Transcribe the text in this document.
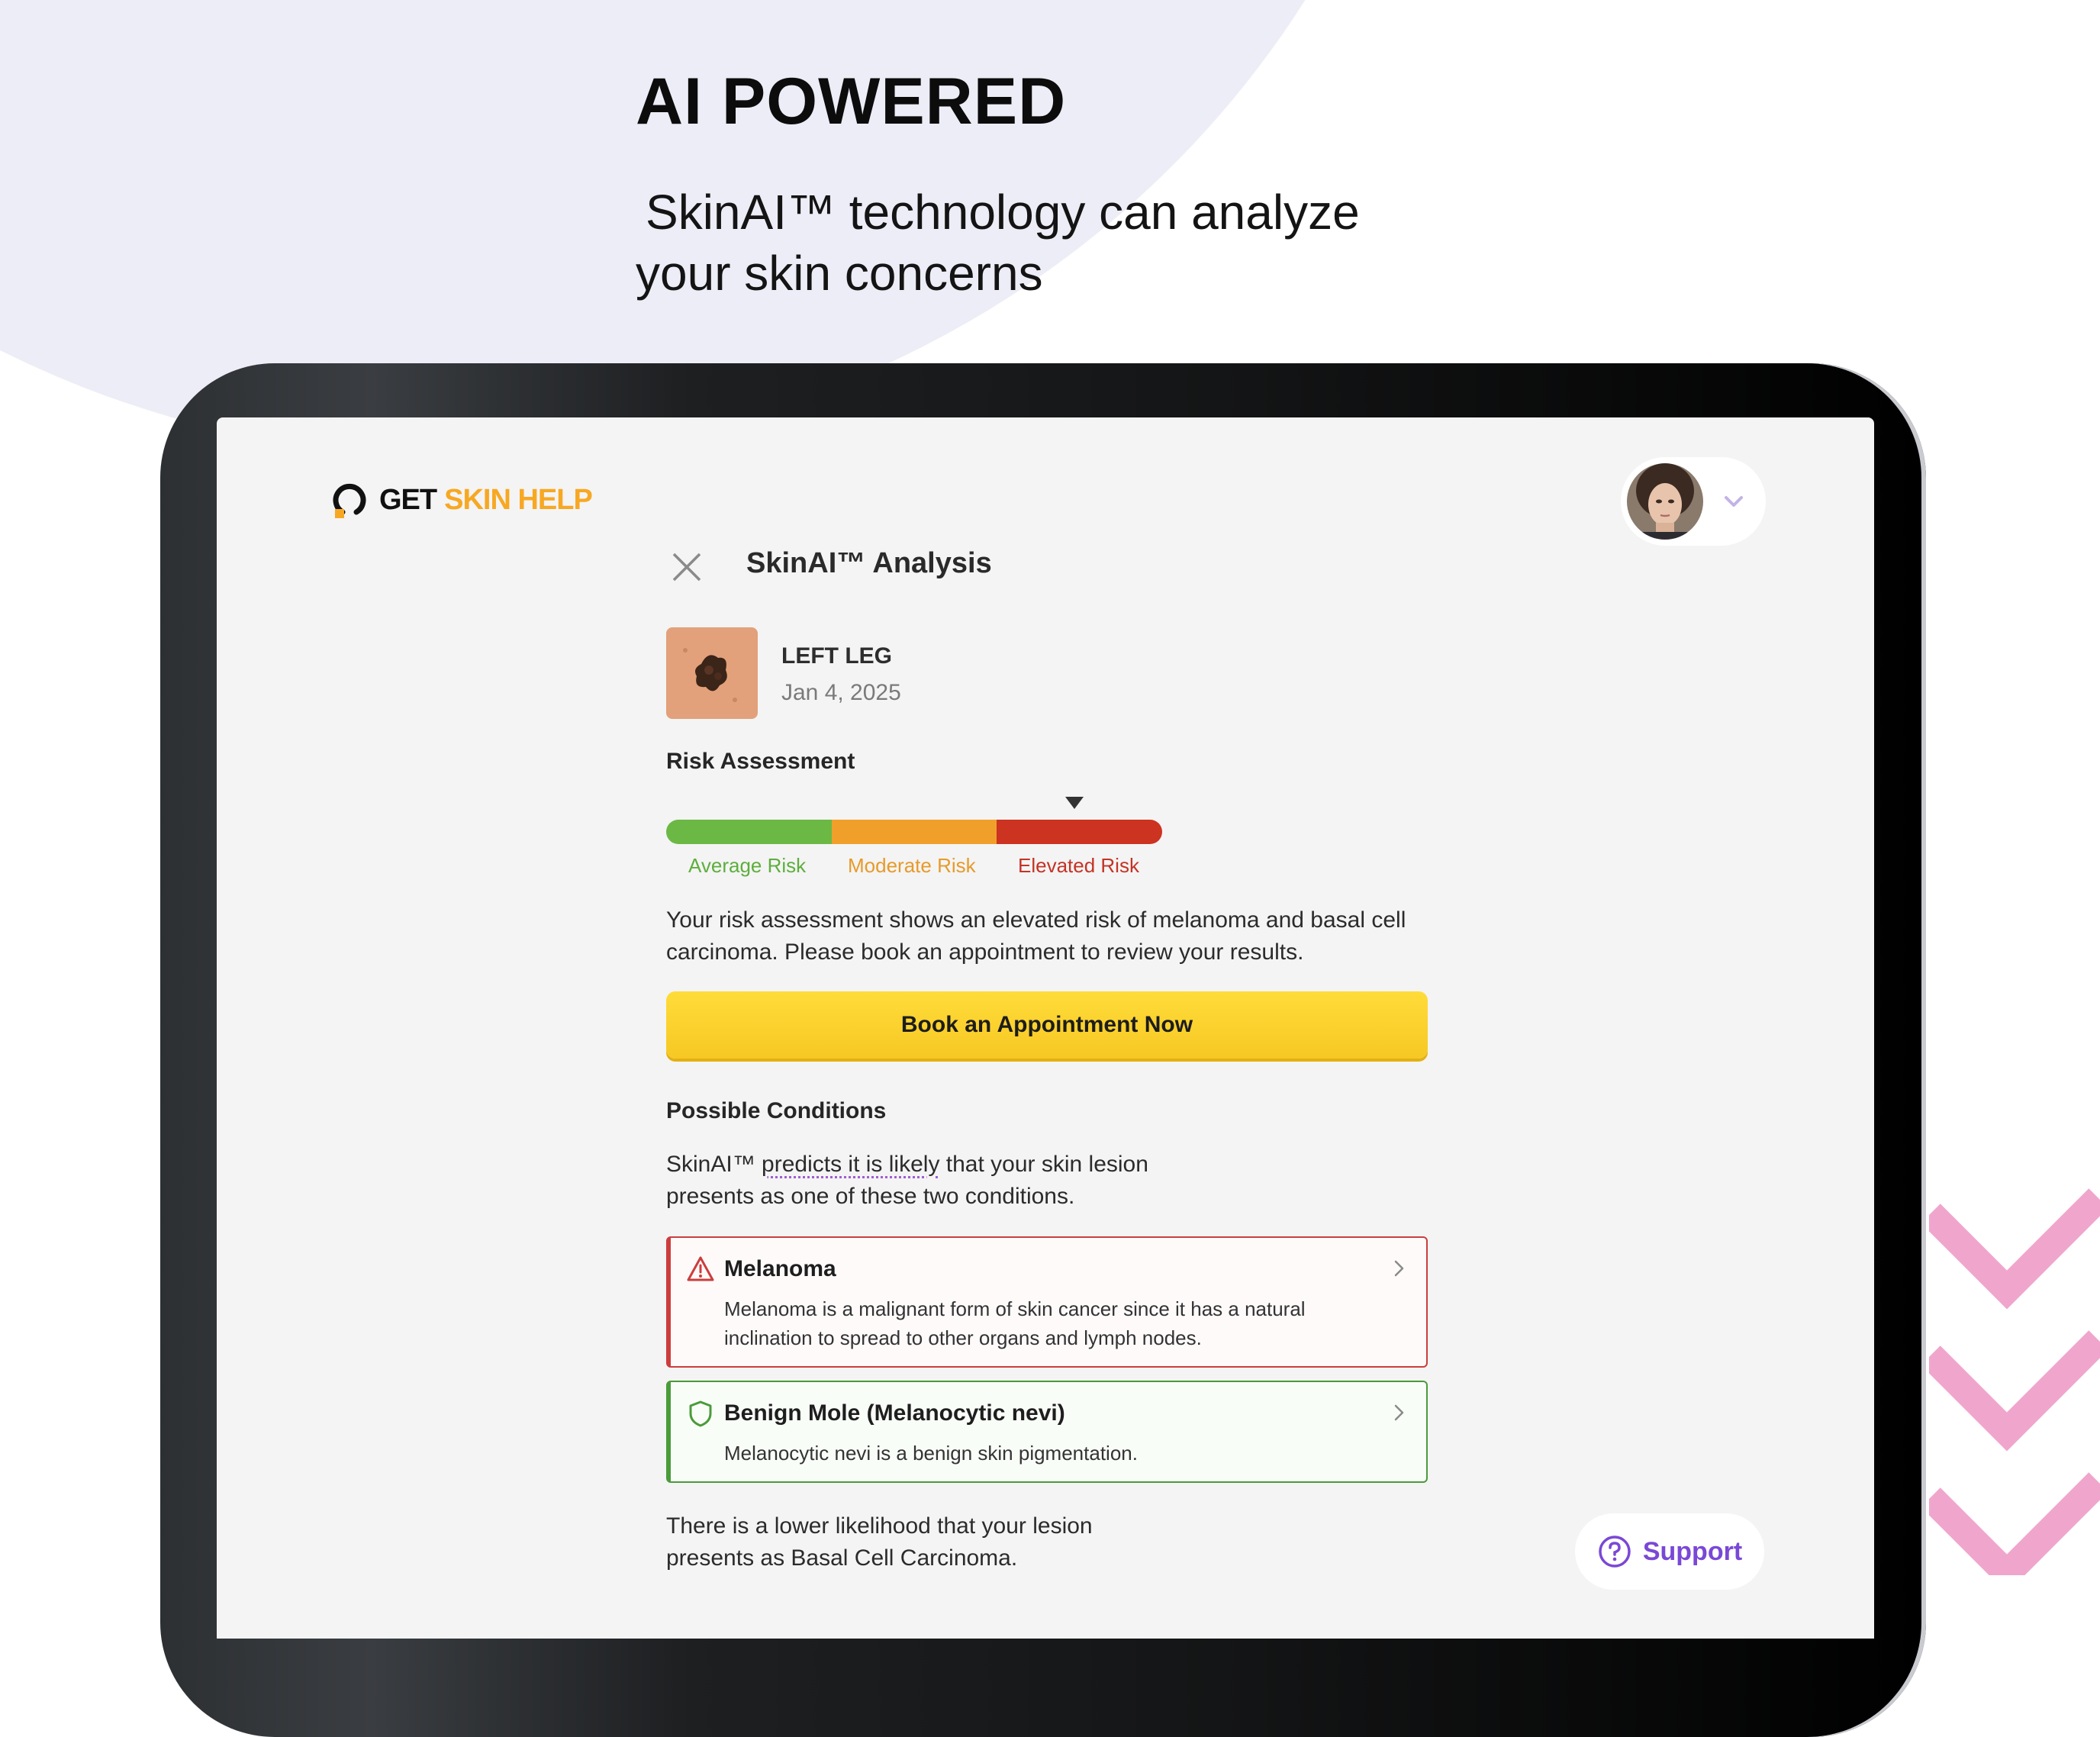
AI POWERED
SkinAI™ technology can analyze
your skin concerns
GET SKIN HELP
SkinAI™ Analysis
LEFT LEG
Jan 4, 2025
Risk Assessment
Average Risk Moderate Risk Elevated Risk
Your risk assessment shows an elevated risk of melanoma and basal cell carcinoma. Please book an appointment to review your results.
Book an Appointment Now
Possible Conditions
SkinAI™ predicts it is likely that your skin lesion presents as one of these two conditions.
Melanoma
Melanoma is a malignant form of skin cancer since it has a natural inclination to spread to other organs and lymph nodes.
Benign Mole (Melanocytic nevi)
Melanocytic nevi is a benign skin pigmentation.
There is a lower likelihood that your lesion presents as Basal Cell Carcinoma.	Support
